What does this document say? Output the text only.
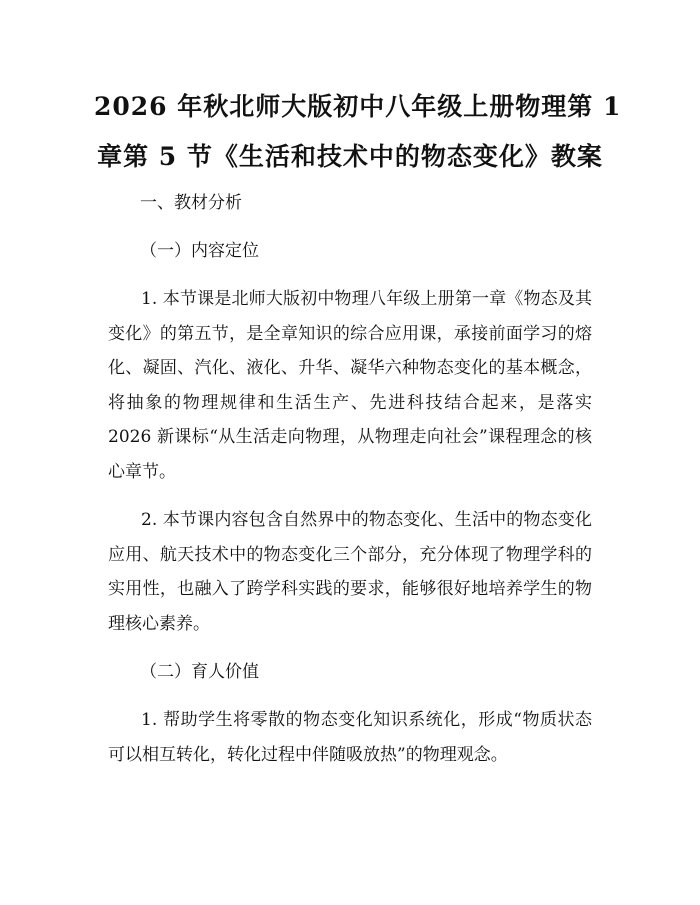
2026 年秋北师大版初中八年级上册物理第 1
章第 5 节《生活和技术中的物态变化》教案

一、教材分析

（一）内容定位

1. 本节课是北师大版初中物理八年级上册第一章《物态及其变化》的第五节，是全章知识的综合应用课，承接前面学习的熔化、凝固、汽化、液化、升华、凝华六种物态变化的基本概念，将抽象的物理规律和生活生产、先进科技结合起来，是落实 2026 新课标“从生活走向物理，从物理走向社会”课程理念的核心章节。

2. 本节课内容包含自然界中的物态变化、生活中的物态变化应用、航天技术中的物态变化三个部分，充分体现了物理学科的实用性，也融入了跨学科实践的要求，能够很好地培养学生的物理核心素养。

（二）育人价值

1. 帮助学生将零散的物态变化知识系统化，形成“物质状态可以相互转化，转化过程中伴随吸放热”的物理观念。
